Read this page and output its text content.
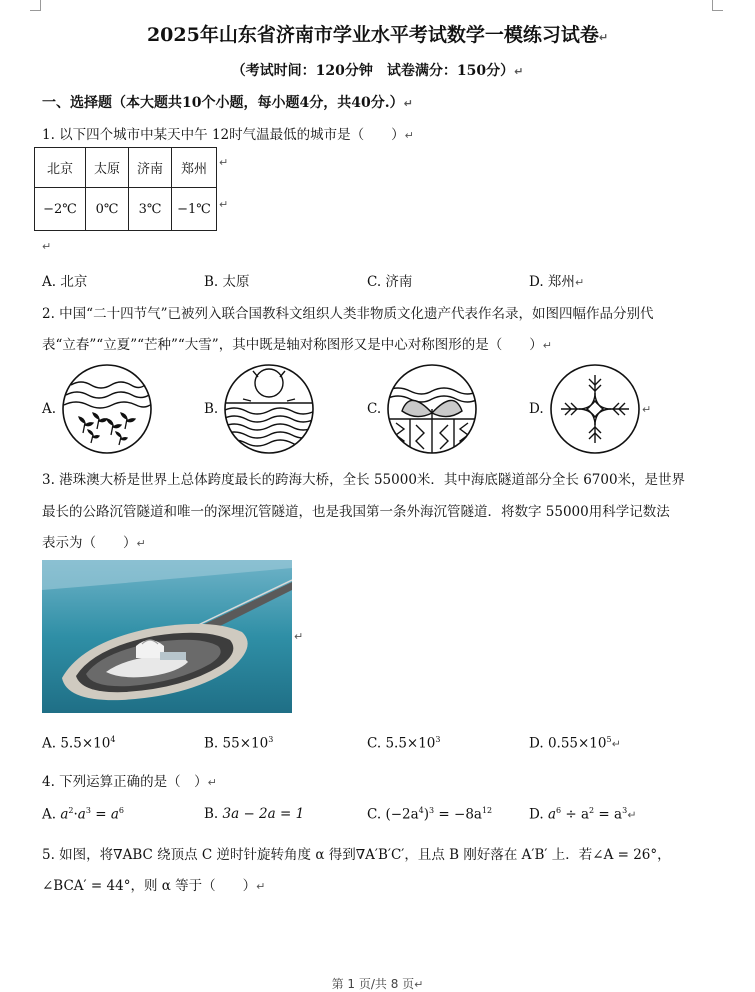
2025年山东省济南市学业水平考试数学一模练习试卷↵
（考试时间：120分钟　试卷满分：150分）↵
一、选择题（本大题共10个小题，每小题4分，共40分.）↵
1. 以下四个城市中某天中午 12时气温最低的城市是（　　）↵
北京	太原	济南	郑州
−2℃	0℃	3℃	−1℃
↵
↵
↵
A. 北京	B. 太原	C. 济南	D. 郑州↵
2. 中国“二十四节气”已被列入联合国教科文组织人类非物质文化遗产代表作名录，如图四幅作品分别代
表“立春”“立夏”“芒种”“大雪”，其中既是轴对称图形又是中心对称图形的是（　　）↵
A.	B.	C.	D.	↵
3. 港珠澳大桥是世界上总体跨度最长的跨海大桥，全长 55000米．其中海底隧道部分全长 6700米，是世界
最长的公路沉管隧道和唯一的深埋沉管隧道，也是我国第一条外海沉管隧道．将数字 55000用科学记数法
表示为（　　）↵
↵
A. $5.5\times 10^4$	B. $55\times 10^3$	C. $5.5\times 10^3$	D. $0.55\times 10^5↵$
4. 下列运算正确的是（　）↵
A. $a^2\cdot a^3 = a^6$	B. 3a − 2a = 1	C. $(-2a^4)^3 = -8a^{12}$	D. $a^6 \div a^2$ = $a^3↵$
5. 如图，将∇ABC 绕顶点 C 逆时针旋转角度 α 得到∇A′B′C′，且点 B 刚好落在 A′B′ 上．若∠A = 26°，
∠BCA′ = 44°，则 α 等于（　　）↵
第 1 页/共 8 页↵
